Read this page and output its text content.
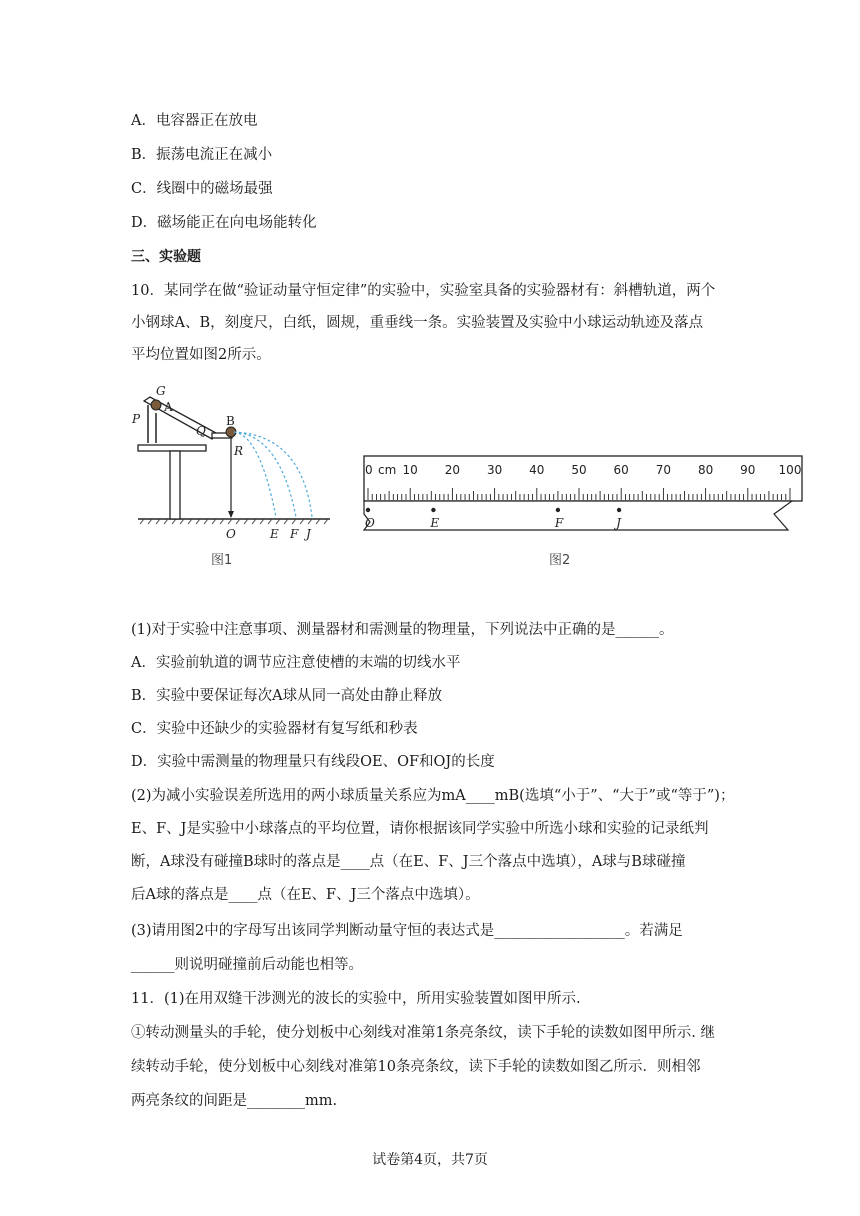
A．电容器正在放电
B．振荡电流正在减小
C．线圈中的磁场最强
D．磁场能正在向电场能转化
三、实验题
10．某同学在做“验证动量守恒定律”的实验中，实验室具备的实验器材有：斜槽轨道，两个
小钢球A、B，刻度尺，白纸，圆规，重垂线一条。实验装置及实验中小球运动轨迹及落点
平均位置如图2所示。
G
A
P
Q
B
R
O	E F J
图1
0 cm 10 20 30 40 50 60 70 80 90 100
O	E	F	J
图2
(1)对于实验中注意事项、测量器材和需测量的物理量，下列说法中正确的是______。
A．实验前轨道的调节应注意使槽的末端的切线水平
B．实验中要保证每次A球从同一高处由静止释放
C．实验中还缺少的实验器材有复写纸和秒表
D．实验中需测量的物理量只有线段OE、OF和OJ的长度
(2)为减小实验误差所选用的两小球质量关系应为mA____mB(选填“小于”、“大于”或“等于”)；
E、F、J是实验中小球落点的平均位置，请你根据该同学实验中所选小球和实验的记录纸判
断，A球没有碰撞B球时的落点是____点（在E、F、J三个落点中选填），A球与B球碰撞
后A球的落点是____点（在E、F、J三个落点中选填）。
(3)请用图2中的字母写出该同学判断动量守恒的表达式是__________________。若满足
______则说明碰撞前后动能也相等。
11．(1)在用双缝干涉测光的波长的实验中，所用实验装置如图甲所示.
①转动测量头的手轮，使分划板中心刻线对准第1条亮条纹，读下手轮的读数如图甲所示. 继
续转动手轮，使分划板中心刻线对准第10条亮条纹，读下手轮的读数如图乙所示．则相邻
两亮条纹的间距是________mm.
试卷第4页，共7页
